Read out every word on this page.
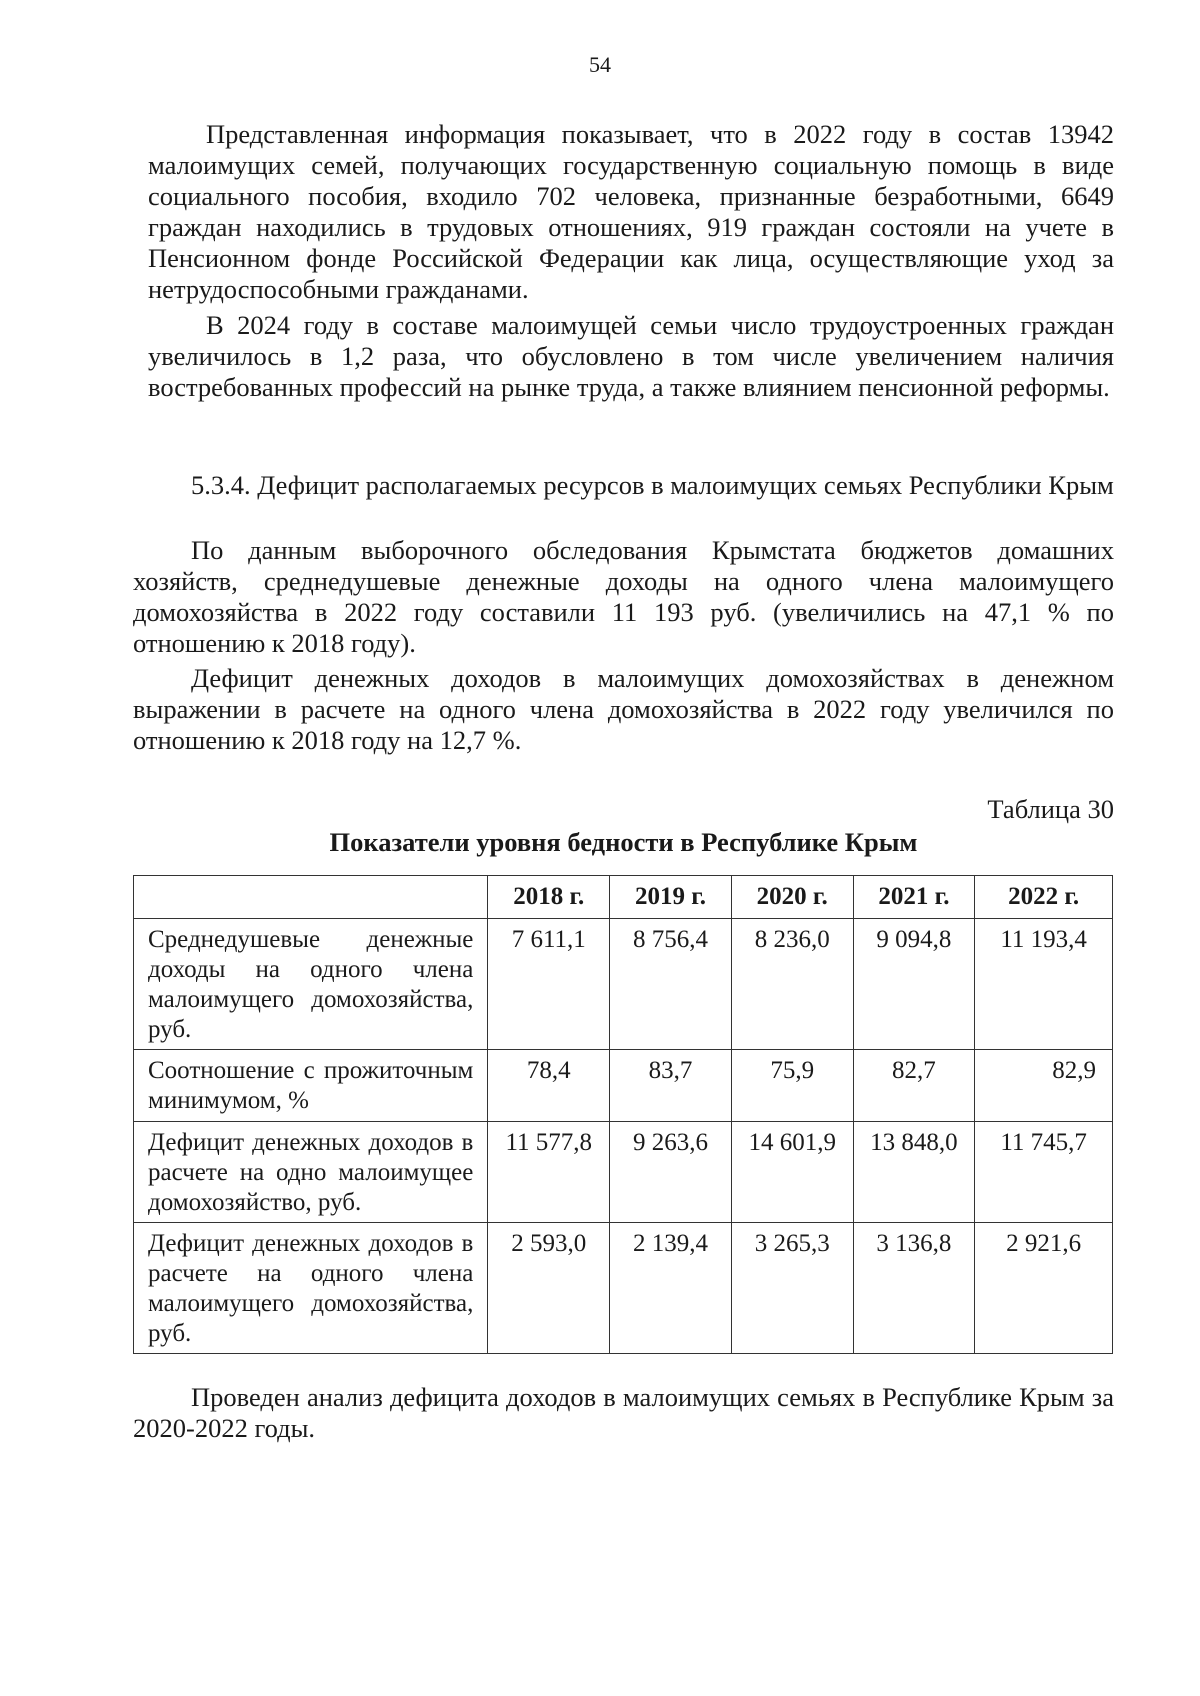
54

Представленная информация показывает, что в 2022 году в состав 13942 малоимущих семей, получающих государственную социальную помощь в виде социального пособия, входило 702 человека, признанные безработными, 6649 граждан находились в трудовых отношениях, 919 граждан состояли на учете в Пенсионном фонде Российской Федерации как лица, осуществляющие уход за нетрудоспособными гражданами.

В 2024 году в составе малоимущей семьи число трудоустроенных граждан увеличилось в 1,2 раза, что обусловлено в том числе увеличением наличия востребованных профессий на рынке труда, а также влиянием пенсионной реформы.

5.3.4. Дефицит располагаемых ресурсов в малоимущих семьях Республики Крым

По данным выборочного обследования Крымстата бюджетов домашних хозяйств, среднедушевые денежные доходы на одного члена малоимущего домохозяйства в 2022 году составили 11 193 руб. (увеличились на 47,1 % по отношению к 2018 году).

Дефицит денежных доходов в малоимущих домохозяйствах в денежном выражении в расчете на одного члена домохозяйства в 2022 году увеличился по отношению к 2018 году на 12,7 %.

Таблица 30
Показатели уровня бедности в Республике Крым
	2018 г.	2019 г.	2020 г.	2021 г.	2022 г.
Среднедушевые денежные доходы на одного члена малоимущего домохозяйства, руб.	7 611,1	8 756,4	8 236,0	9 094,8	11 193,4
Соотношение с прожиточным минимумом, %	78,4	83,7	75,9	82,7	82,9
Дефицит денежных доходов в расчете на одно малоимущее домохозяйство, руб.	11 577,8	9 263,6	14 601,9	13 848,0	11 745,7
Дефицит денежных доходов в расчете на одного члена малоимущего домохозяйства, руб.	2 593,0	2 139,4	3 265,3	3 136,8	2 921,6

Проведен анализ дефицита доходов в малоимущих семьях в Республике Крым за 2020-2022 годы.
